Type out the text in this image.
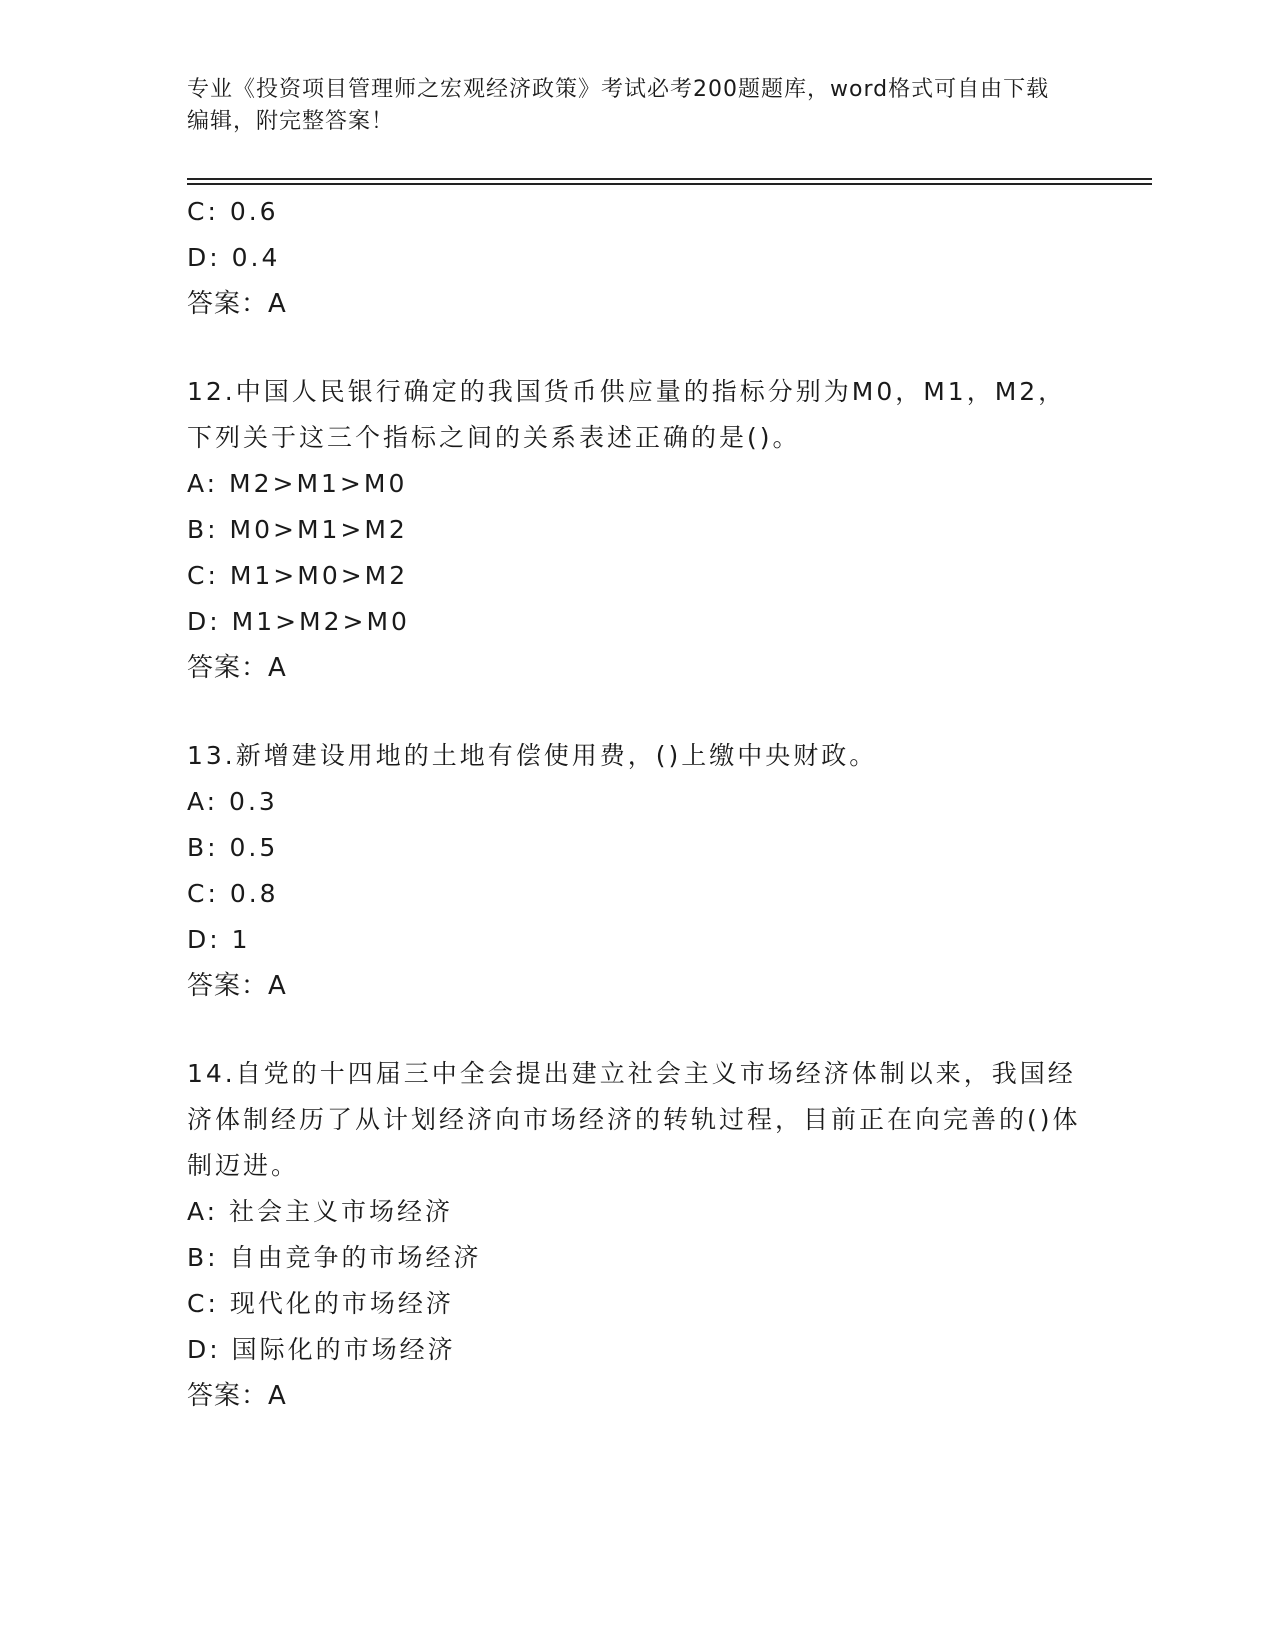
专业《投资项目管理师之宏观经济政策》考试必考200题题库，word格式可自由下载编辑，附完整答案！
C: 0.6
D: 0.4
答案：A
12.中国人民银行确定的我国货币供应量的指标分别为M0，M1，M2，下列关于这三个指标之间的关系表述正确的是()。
A: M2>M1>M0
B: M0>M1>M2
C: M1>M0>M2
D: M1>M2>M0
答案：A
13.新增建设用地的土地有偿使用费，()上缴中央财政。
A: 0.3
B: 0.5
C: 0.8
D: 1
答案：A
14.自党的十四届三中全会提出建立社会主义市场经济体制以来，我国经济体制经历了从计划经济向市场经济的转轨过程，目前正在向完善的()体制迈进。
A: 社会主义市场经济
B: 自由竞争的市场经济
C: 现代化的市场经济
D: 国际化的市场经济
答案：A
